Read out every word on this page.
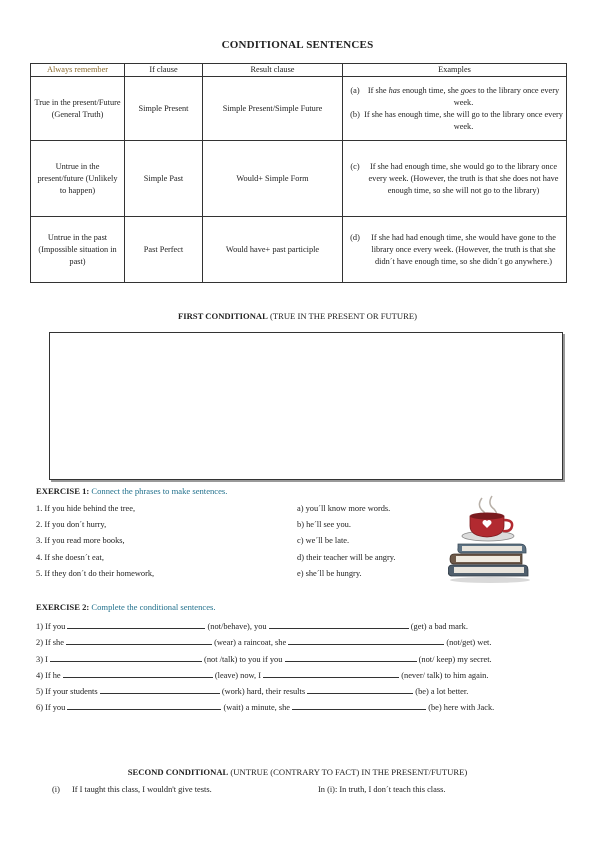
CONDITIONAL SENTENCES
Always remember	If clause	Result clause	Examples
True in the present/Future (General Truth)	Simple Present	Simple Present/Simple Future	(a) If she has enough time, she goes to the library once every week.
(b) If she has enough time, she will go to the library once every week.

Untrue in the present/future (Unlikely to happen)	Simple Past	Would+ Simple Form	(c) If she had enough time, she would go to the library once every week. (However, the truth is that she does not have enough time, so she will not go to the library)

Untrue in the past (Impossible situation in past)	Past Perfect	Would have+ past participle	(d) If she had had enough time, she would have gone to the library once every week. (However, the truth is that she didn´t have enough time, so she didn´t go anywhere.)
FIRST CONDITIONAL (TRUE IN THE PRESENT OR FUTURE)
EXERCISE 1: Connect the phrases to make sentences.
1. If you hide behind the tree,
2. If you don´t hurry,
3. If you read more books,
4. If she doesn´t eat,
5. If they don´t do their homework,
a) you´ll know more words.
b) he´ll see you.
c) we´ll be late.
d) their teacher will be angry.
e) she´ll be hungry.
EXERCISE 2: Complete the conditional sentences.
1) If you	(not/behave), you	(get) a bad mark.
2) If she	(wear) a raincoat, she	(not/get) wet.
3) I	(not /talk) to you if you	(not/ keep) my secret.
4) If he	(leave) now, I	(never/ talk) to him again.
5) If your students	(work) hard, their results	(be) a lot better.
6) If you	(wait) a minute, she	(be) here with Jack.
SECOND CONDITIONAL (UNTRUE (CONTRARY TO FACT) IN THE PRESENT/FUTURE)
(i) If I taught this class, I wouldn't give tests.	In (i): In truth, I don´t teach this class.
